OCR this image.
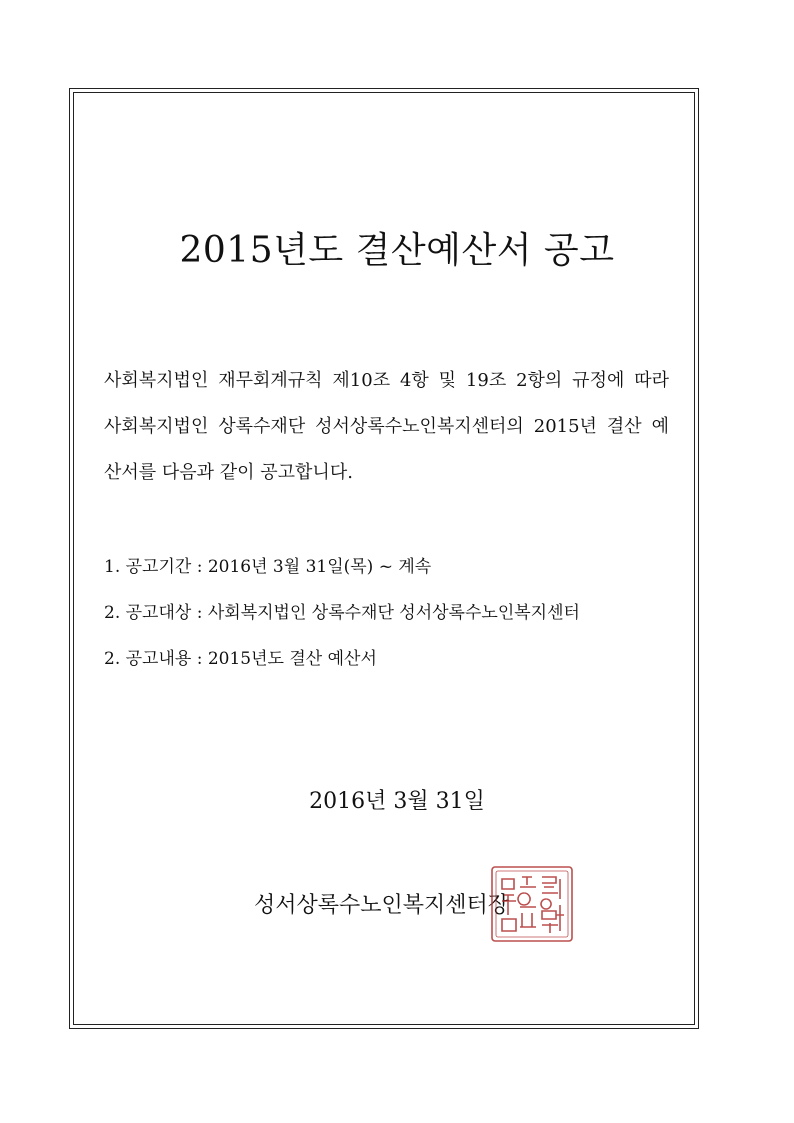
2015년도 결산예산서 공고
사회복지법인 재무회계규칙 제10조 4항 및 19조 2항의 규정에 따라
사회복지법인 상록수재단 성서상록수노인복지센터의 2015년 결산 예
산서를 다음과 같이 공고합니다.
1. 공고기간 : 2016년 3월 31일(목) ~ 계속
2. 공고대상 : 사회복지법인 상록수재단 성서상록수노인복지센터
2. 공고내용 : 2015년도 결산 예산서
2016년 3월 31일
성서상록수노인복지센터장
